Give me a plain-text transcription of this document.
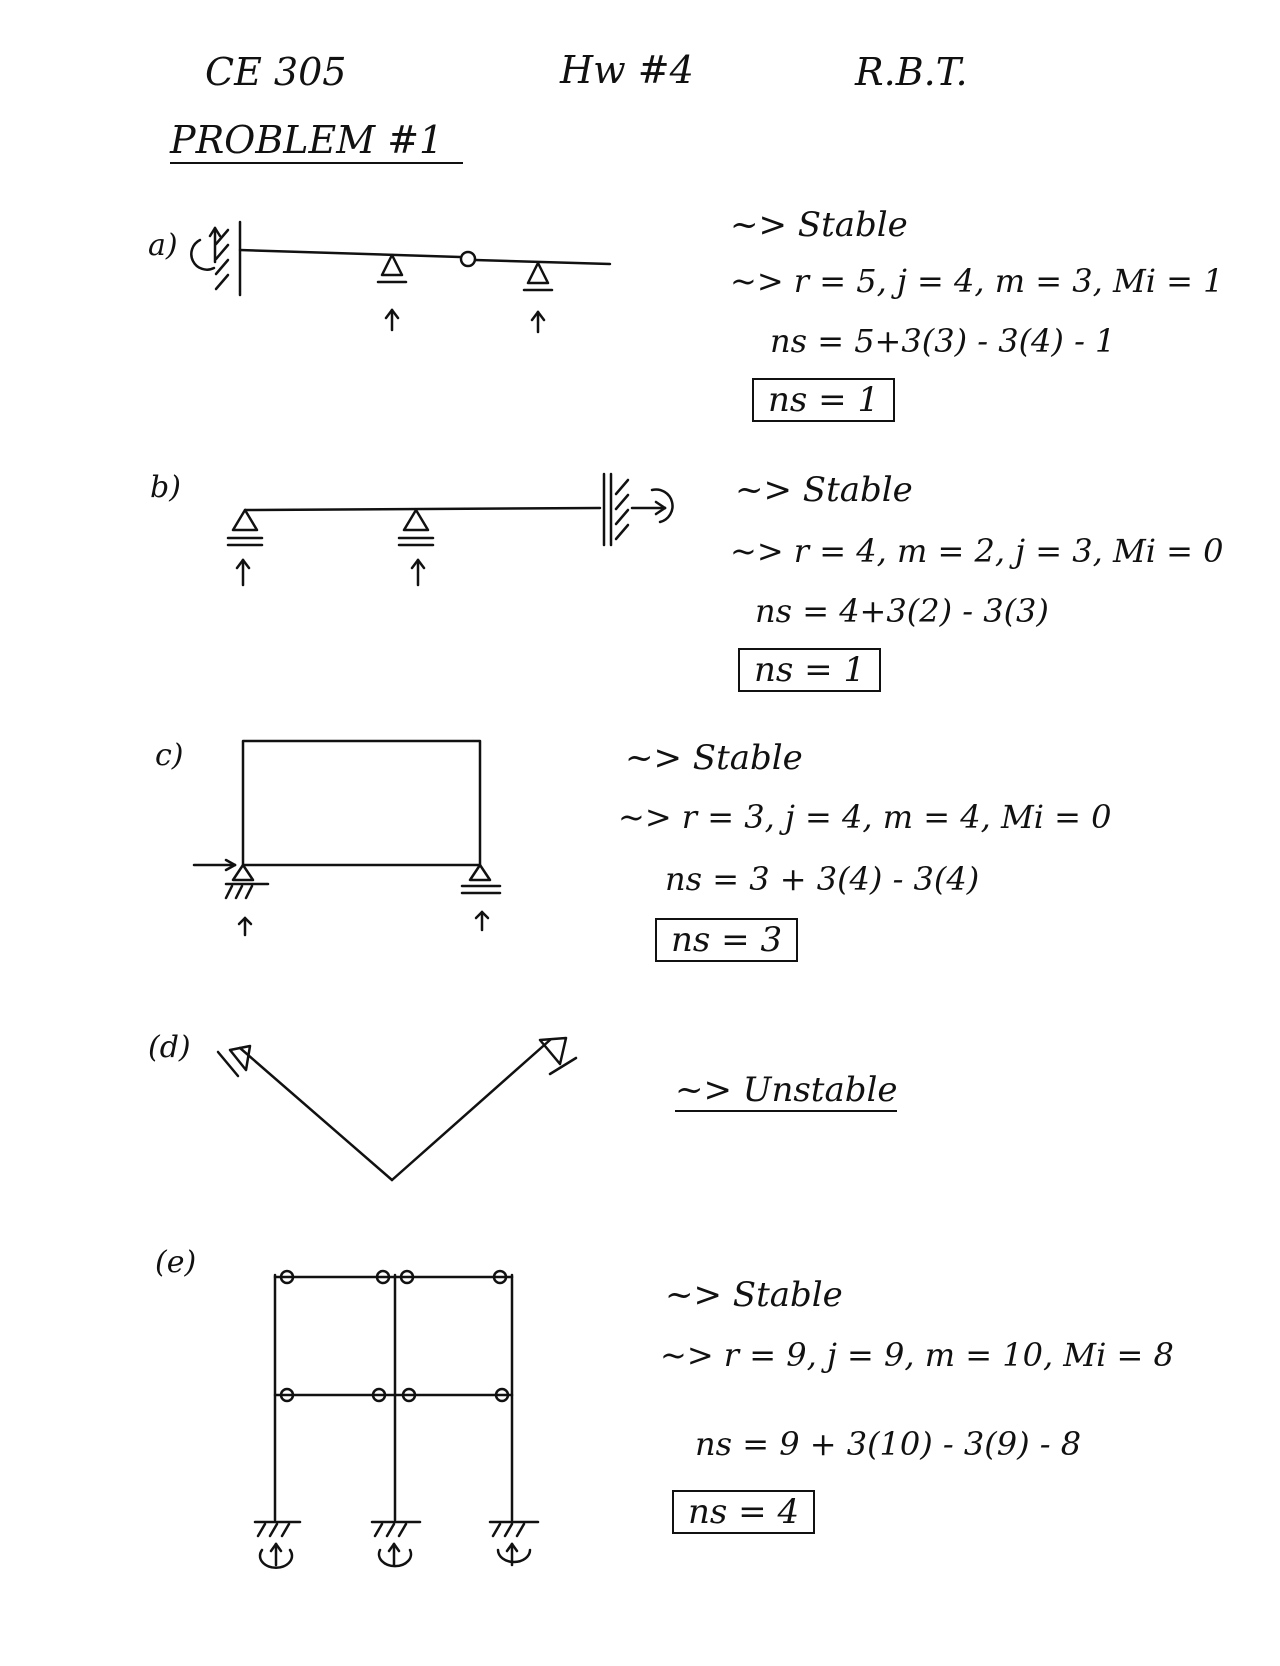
CE 305	Hw #4	R.B.T.
PROBLEM #1
a)
b)
c)
(d)
(e)
~> Stable
~> r = 5, j = 4, m = 3, Mi = 1
ns = 5+3(3) - 3(4) - 1
ns = 1
~> Stable
~> r = 4, m = 2, j = 3, Mi = 0
ns = 4+3(2) - 3(3)
ns = 1
~> Stable
~> r = 3, j = 4, m = 4, Mi = 0
ns = 3 + 3(4) - 3(4)
ns = 3
~> Unstable
~> Stable
~> r = 9, j = 9, m = 10, Mi = 8
ns = 9 + 3(10) - 3(9) - 8
ns = 4
